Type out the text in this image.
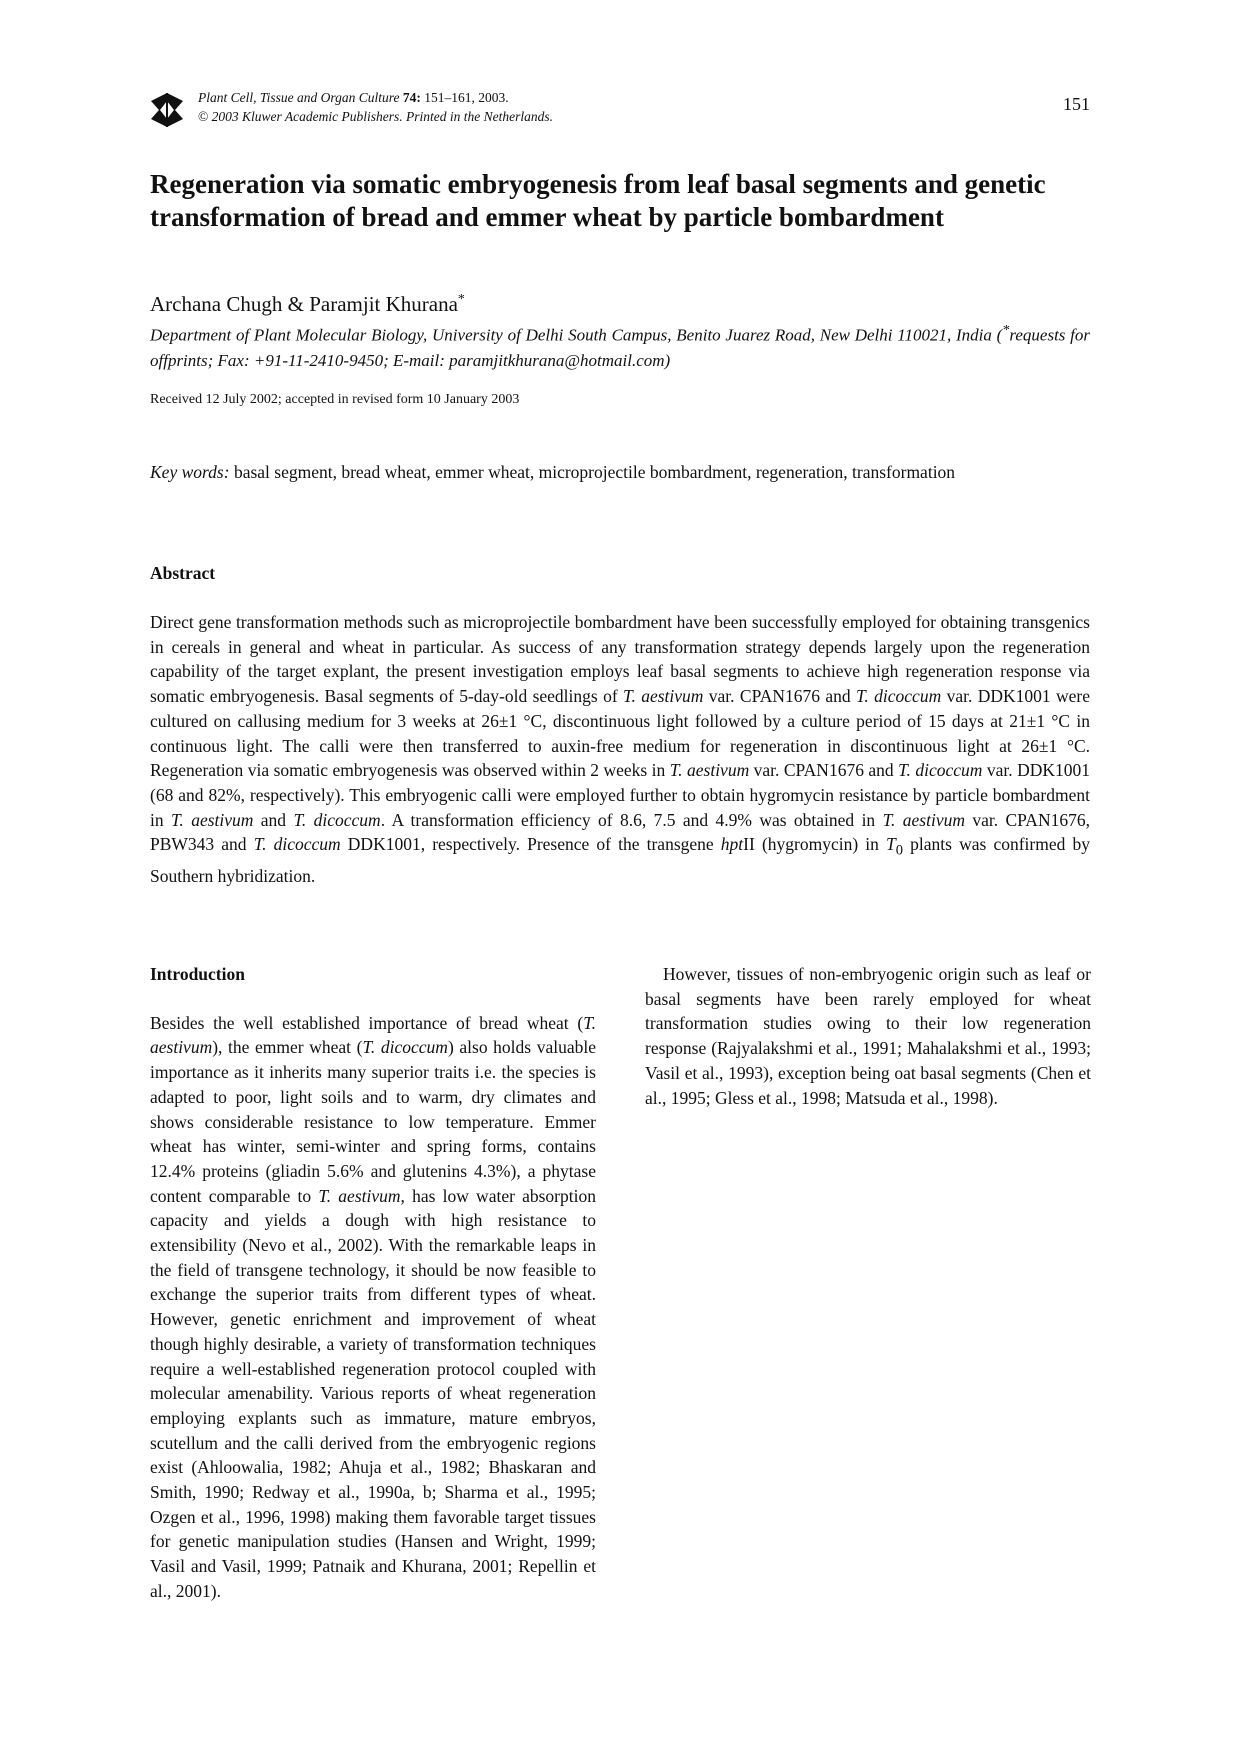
Plant Cell, Tissue and Organ Culture 74: 151–161, 2003.
© 2003 Kluwer Academic Publishers. Printed in the Netherlands.
151
Regeneration via somatic embryogenesis from leaf basal segments and genetic transformation of bread and emmer wheat by particle bombardment
Archana Chugh & Paramjit Khurana*
Department of Plant Molecular Biology, University of Delhi South Campus, Benito Juarez Road, New Delhi 110021, India (*requests for offprints; Fax: +91-11-2410-9450; E-mail: paramjitkhurana@hotmail.com)
Received 12 July 2002; accepted in revised form 10 January 2003
Key words: basal segment, bread wheat, emmer wheat, microprojectile bombardment, regeneration, transformation
Abstract
Direct gene transformation methods such as microprojectile bombardment have been successfully employed for obtaining transgenics in cereals in general and wheat in particular. As success of any transformation strategy depends largely upon the regeneration capability of the target explant, the present investigation employs leaf basal segments to achieve high regeneration response via somatic embryogenesis. Basal segments of 5-day-old seedlings of T. aestivum var. CPAN1676 and T. dicoccum var. DDK1001 were cultured on callusing medium for 3 weeks at 26±1 °C, discontinuous light followed by a culture period of 15 days at 21±1 °C in continuous light. The calli were then transferred to auxin-free medium for regeneration in discontinuous light at 26±1 °C. Regeneration via somatic embryogenesis was observed within 2 weeks in T. aestivum var. CPAN1676 and T. dicoccum var. DDK1001 (68 and 82%, respectively). This embryogenic calli were employed further to obtain hygromycin resistance by particle bombardment in T. aestivum and T. dicoccum. A transformation efficiency of 8.6, 7.5 and 4.9% was obtained in T. aestivum var. CPAN1676, PBW343 and T. dicoccum DDK1001, respectively. Presence of the transgene hptII (hygromycin) in $T_0$ plants was confirmed by Southern hybridization.
Introduction

Besides the well established importance of bread wheat (T. aestivum), the emmer wheat (T. dicoccum) also holds valuable importance as it inherits many superior traits i.e. the species is adapted to poor, light soils and to warm, dry climates and shows considerable resistance to low temperature. Emmer wheat has winter, semi-winter and spring forms, contains 12.4% proteins (gliadin 5.6% and glutenins 4.3%), a phytase content comparable to T. aestivum, has low water absorption capacity and yields a dough with high resistance to extensibility (Nevo et al., 2002). With the remarkable leaps in the field of transgene technology, it should be now feasible to exchange the superior traits from different types of wheat. However, genetic enrichment and improvement of wheat though highly desirable, a variety of transformation techniques require a well-established regeneration protocol coupled with molecular amenability. Various reports of wheat regeneration employing explants such as immature, mature embryos, scutellum and the calli derived from the embryogenic regions exist (Ahloowalia, 1982; Ahuja et al., 1982; Bhaskaran and Smith, 1990; Redway et al., 1990a, b; Sharma et al., 1995; Ozgen et al., 1996, 1998) making them favorable target tissues for genetic manipulation studies (Hansen and Wright, 1999; Vasil and Vasil, 1999; Patnaik and Khurana, 2001; Repellin et al., 2001).

However, tissues of non-embryogenic origin such as leaf or basal segments have been rarely employed for wheat transformation studies owing to their low regeneration response (Rajyalakshmi et al., 1991; Mahalakshmi et al., 1993; Vasil et al., 1993), exception being oat basal segments (Chen et al., 1995; Gless et al., 1998; Matsuda et al., 1998).
